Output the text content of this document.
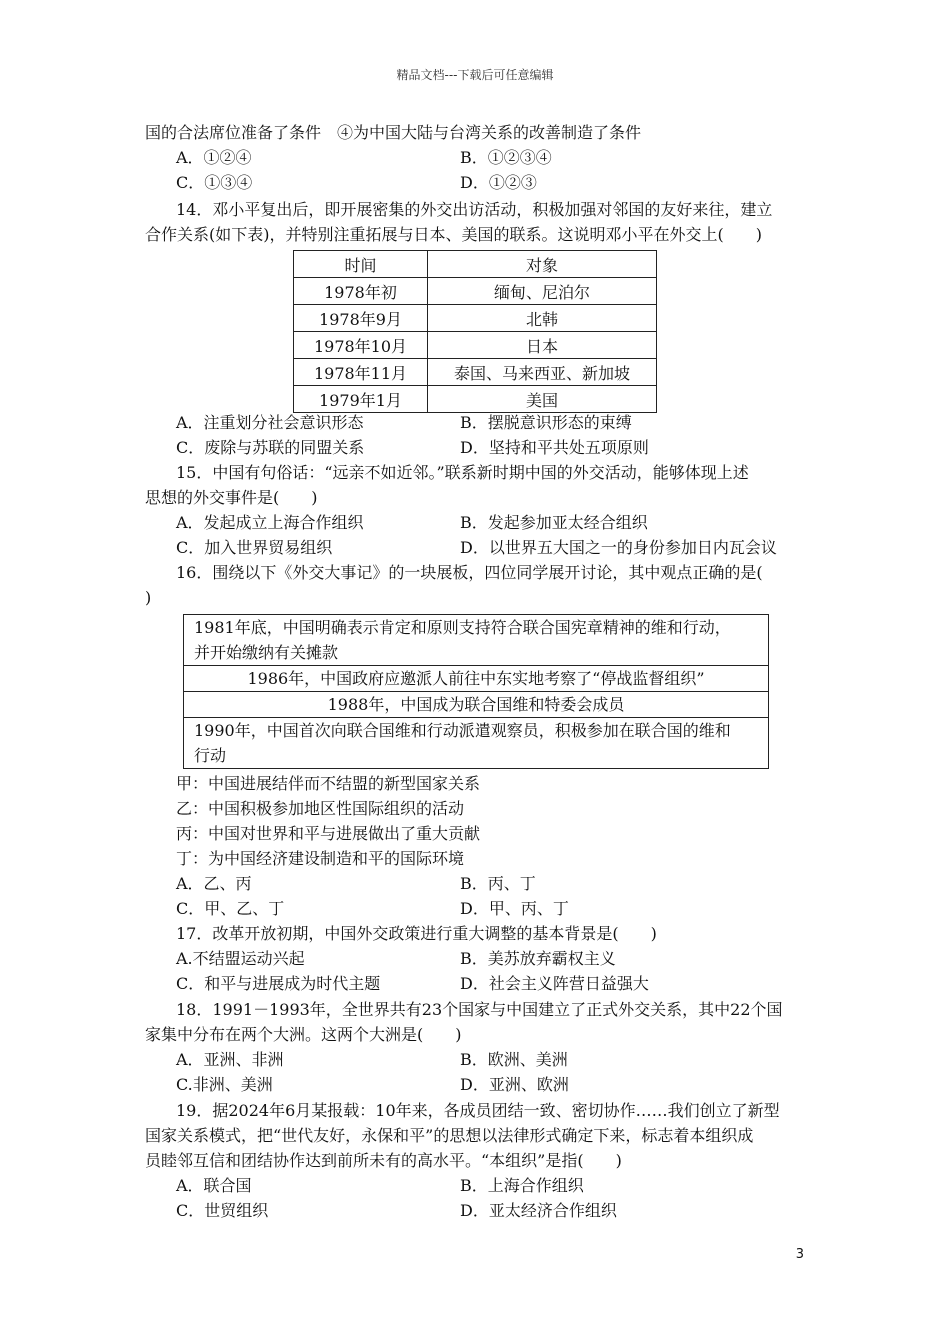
精品文档---下载后可任意编辑
国的合法席位准备了条件　④为中国大陆与台湾关系的改善制造了条件
A．①②④	B．①②③④
C．①③④	D．①②③
14．邓小平复出后，即开展密集的外交出访活动，积极加强对邻国的友好来往，建立
合作关系(如下表)，并特别注重拓展与日本、美国的联系。这说明邓小平在外交上(　　)
时间	对象
1978年初	缅甸、尼泊尔
1978年9月	北韩
1978年10月	日本
1978年11月	泰国、马来西亚、新加坡
1979年1月	美国
A．注重划分社会意识形态	B．摆脱意识形态的束缚
C．废除与苏联的同盟关系	D．坚持和平共处五项原则
15．中国有句俗话：“远亲不如近邻。”联系新时期中国的外交活动，能够体现上述
思想的外交事件是(　　)
A．发起成立上海合作组织	B．发起参加亚太经合组织
C．加入世界贸易组织	D．以世界五大国之一的身份参加日内瓦会议
16．围绕以下《外交大事记》的一块展板，四位同学展开讨论，其中观点正确的是(
)
1981年底，中国明确表示肯定和原则支持符合联合国宪章精神的维和行动，
并开始缴纳有关摊款
1986年，中国政府应邀派人前往中东实地考察了“停战监督组织”
1988年，中国成为联合国维和特委会成员
1990年，中国首次向联合国维和行动派遣观察员，积极参加在联合国的维和
行动
甲：中国进展结伴而不结盟的新型国家关系
乙：中国积极参加地区性国际组织的活动
丙：中国对世界和平与进展做出了重大贡献
丁：为中国经济建设制造和平的国际环境
A．乙、丙	B．丙、丁
C．甲、乙、丁	D．甲、丙、丁
17．改革开放初期，中国外交政策进行重大调整的基本背景是(　　)
A.不结盟运动兴起	B．美苏放弃霸权主义
C．和平与进展成为时代主题	D．社会主义阵营日益强大
18．1991－1993年，全世界共有23个国家与中国建立了正式外交关系，其中22个国
家集中分布在两个大洲。这两个大洲是(　　)
A．亚洲、非洲	B．欧洲、美洲
C.非洲、美洲	D．亚洲、欧洲
19．据2024年6月某报载：10年来，各成员团结一致、密切协作……我们创立了新型
国家关系模式，把“世代友好，永保和平”的思想以法律形式确定下来，标志着本组织成
员睦邻互信和团结协作达到前所未有的高水平。“本组织”是指(　　)
A．联合国	B．上海合作组织
C．世贸组织	D．亚太经济合作组织
3
